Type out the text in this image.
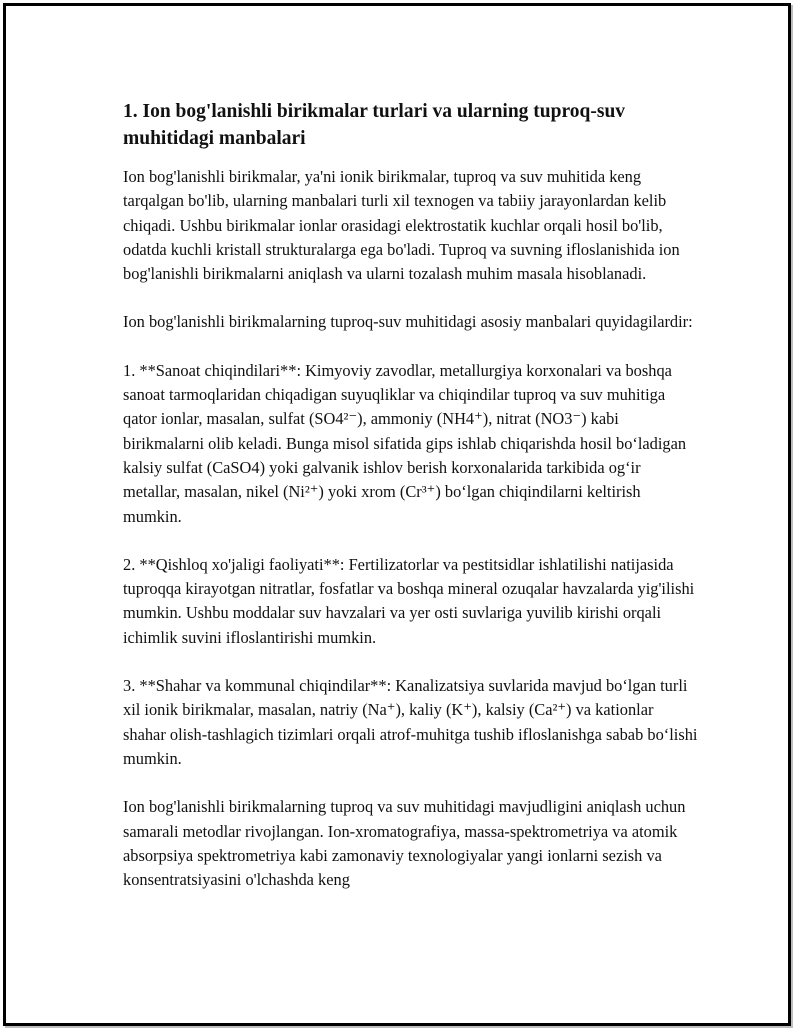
1. Ion bog'lanishli birikmalar turlari va ularning tuproq-suv muhitidagi manbalari

Ion bog'lanishli birikmalar, ya'ni ionik birikmalar, tuproq va suv muhitida keng tarqalgan bo'lib, ularning manbalari turli xil texnogen va tabiiy jarayonlardan kelib chiqadi. Ushbu birikmalar ionlar orasidagi elektrostatik kuchlar orqali hosil bo'lib, odatda kuchli kristall strukturalarga ega bo'ladi. Tuproq va suvning ifloslanishida ion bog'lanishli birikmalarni aniqlash va ularni tozalash muhim masala hisoblanadi.

Ion bog'lanishli birikmalarning tuproq-suv muhitidagi asosiy manbalari quyidagilardir:

1. **Sanoat chiqindilari**: Kimyoviy zavodlar, metallurgiya korxonalari va boshqa sanoat tarmoqlaridan chiqadigan suyuqliklar va chiqindilar tuproq va suv muhitiga qator ionlar, masalan, sulfat (SO4²⁻), ammoniy (NH4⁺), nitrat (NO3⁻) kabi birikmalarni olib keladi. Bunga misol sifatida gips ishlab chiqarishda hosil boʻladigan kalsiy sulfat (CaSO4) yoki galvanik ishlov berish korxonalarida tarkibida ogʻir metallar, masalan, nikel (Ni²⁺) yoki xrom (Cr³⁺) boʻlgan chiqindilarni keltirish mumkin.

2. **Qishloq xo'jaligi faoliyati**: Fertilizatorlar va pestitsidlar ishlatilishi natijasida tuproqqa kirayotgan nitratlar, fosfatlar va boshqa mineral ozuqalar havzalarda yig'ilishi mumkin. Ushbu moddalar suv havzalari va yer osti suvlariga yuvilib kirishi orqali ichimlik suvini ifloslantirishi mumkin.

3. **Shahar va kommunal chiqindilar**: Kanalizatsiya suvlarida mavjud boʻlgan turli xil ionik birikmalar, masalan, natriy (Na⁺), kaliy (K⁺), kalsiy (Ca²⁺) va kationlar shahar olish-tashlagich tizimlari orqali atrof-muhitga tushib ifloslanishga sabab boʻlishi mumkin.

Ion bog'lanishli birikmalarning tuproq va suv muhitidagi mavjudligini aniqlash uchun samarali metodlar rivojlangan. Ion-xromatografiya, massa-spektrometriya va atomik absorpsiya spektrometriya kabi zamonaviy texnologiyalar yangi ionlarni sezish va konsentratsiyasini o'lchashda keng
